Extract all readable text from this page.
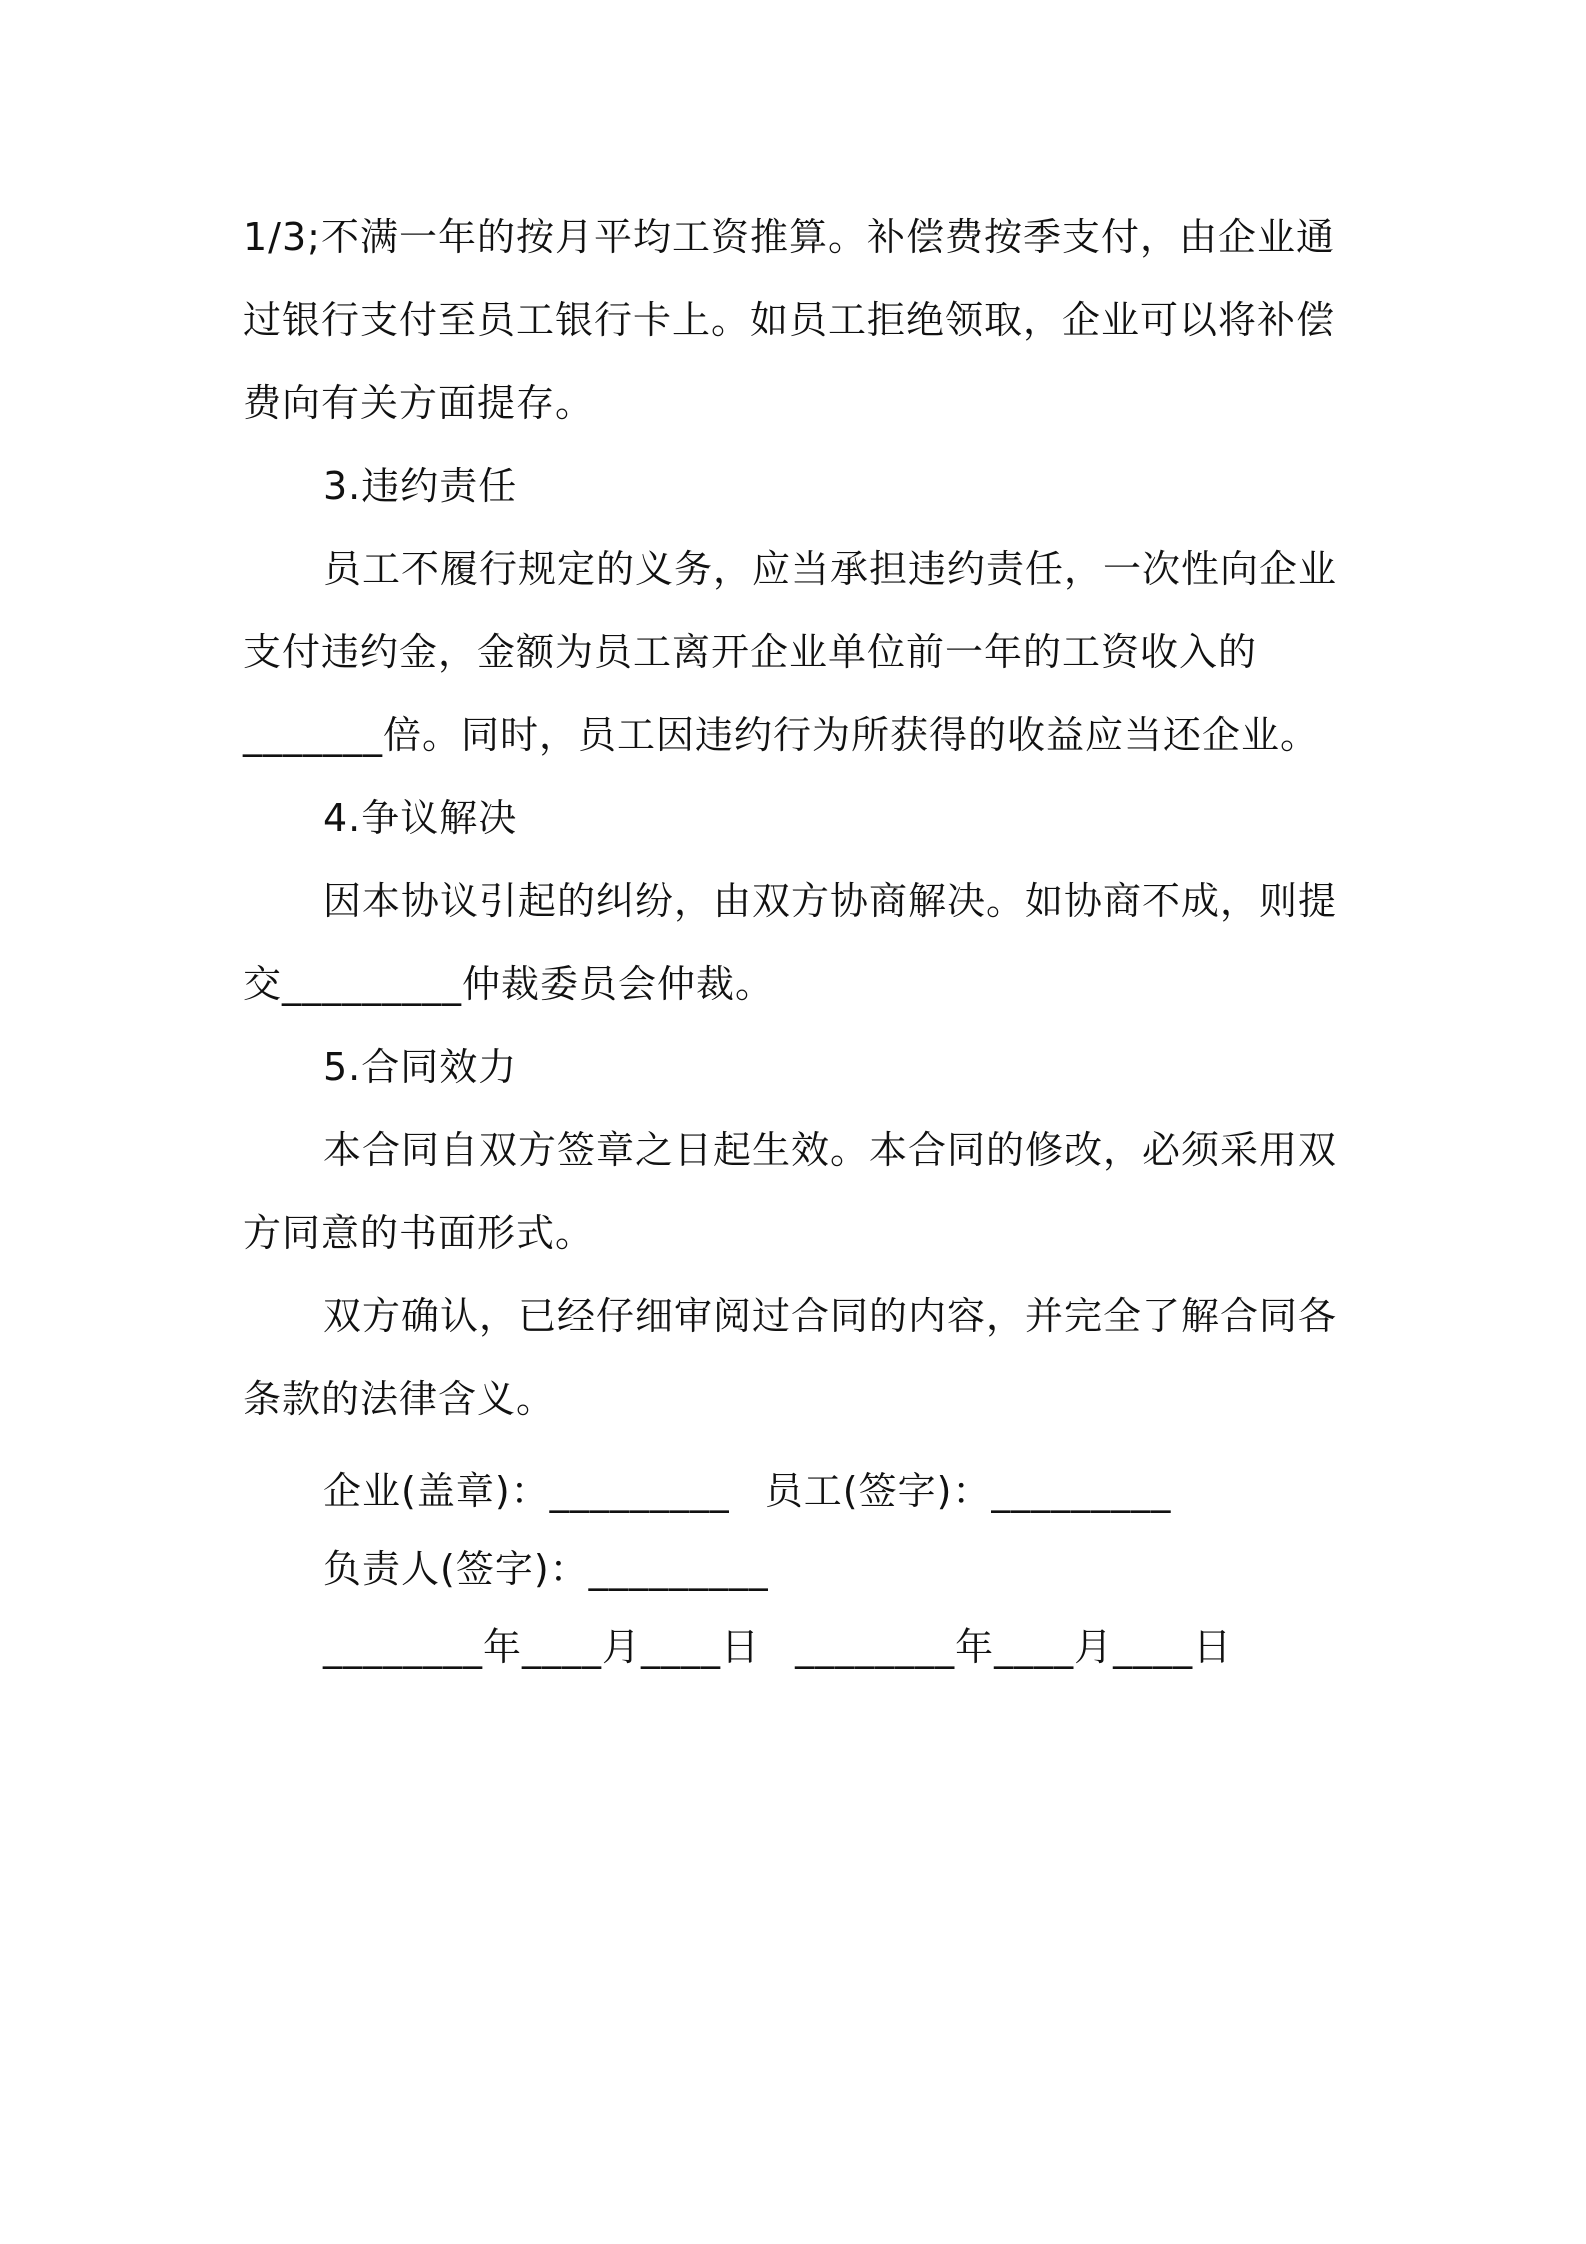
1/3;不满一年的按月平均工资推算。补偿费按季支付，由企业通
过银行支付至员工银行卡上。如员工拒绝领取，企业可以将补偿
费向有关方面提存。
3.违约责任
员工不履行规定的义务，应当承担违约责任，一次性向企业
支付违约金，金额为员工离开企业单位前一年的工资收入的
_______倍。同时，员工因违约行为所获得的收益应当还企业。
4.争议解决
因本协议引起的纠纷，由双方协商解决。如协商不成，则提
交_________仲裁委员会仲裁。
5.合同效力
本合同自双方签章之日起生效。本合同的修改，必须采用双
方同意的书面形式。
双方确认，已经仔细审阅过合同的内容，并完全了解合同各
条款的法律含义。
企业(盖章)：_________ 员工(签字)：_________
负责人(签字)：_________
________年____月____日 ________年____月____日
